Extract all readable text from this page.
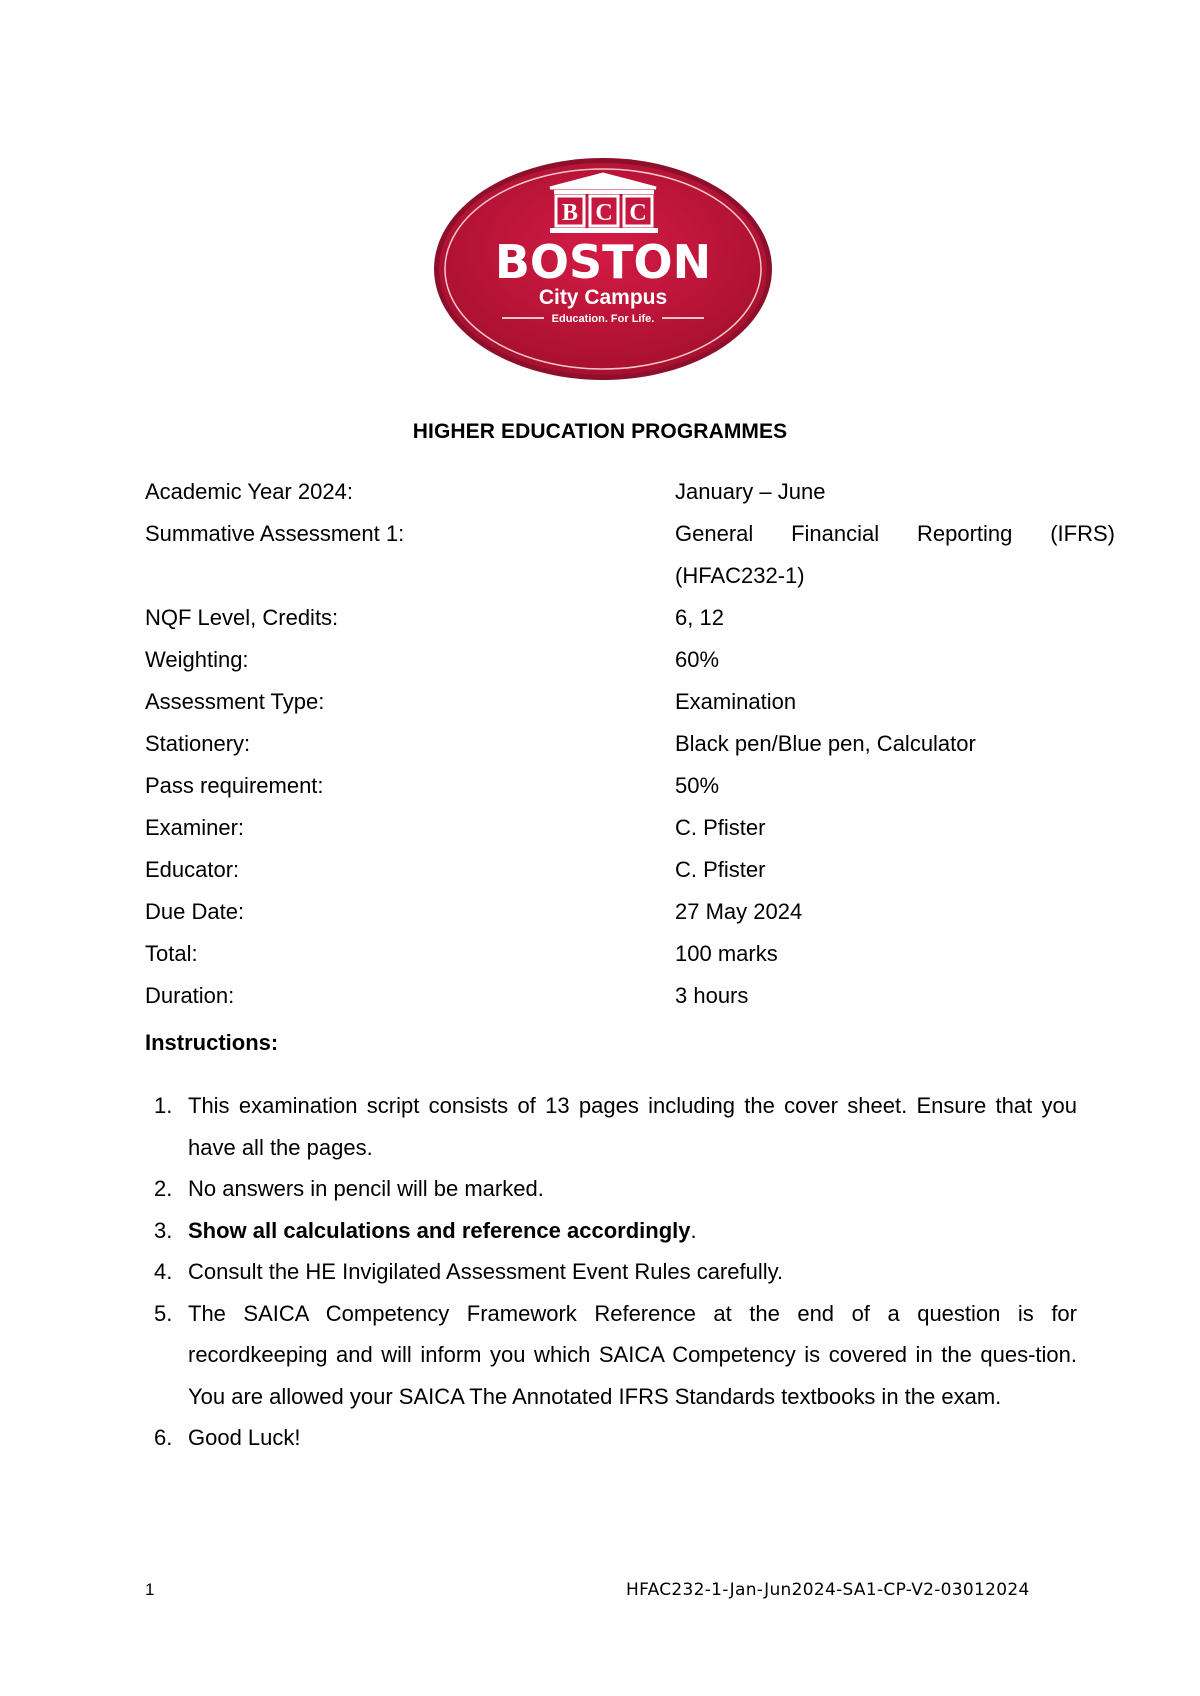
B C C
BOSTON
City Campus
Education. For Life.
HIGHER EDUCATION PROGRAMMES
Academic Year 2024:	January – June
Summative Assessment 1:	General Financial Reporting (IFRS)
(HFAC232-1)
NQF Level, Credits:	6, 12
Weighting:	60%
Assessment Type:	Examination
Stationery:	Black pen/Blue pen, Calculator
Pass requirement:	50%
Examiner:	C. Pfister
Educator:	C. Pfister
Due Date:	27 May 2024
Total:	100 marks
Duration:	3 hours
Instructions:
1. This examination script consists of 13 pages including the cover sheet. Ensure that you have all the pages.
2. No answers in pencil will be marked.
3. Show all calculations and reference accordingly.
4. Consult the HE Invigilated Assessment Event Rules carefully.
5. The SAICA Competency Framework Reference at the end of a question is for recordkeeping and will inform you which SAICA Competency is covered in the ques-tion. You are allowed your SAICA The Annotated IFRS Standards textbooks in the exam.
6. Good Luck!
1	HFAC232-1-Jan-Jun2024-SA1-CP-V2-03012024
